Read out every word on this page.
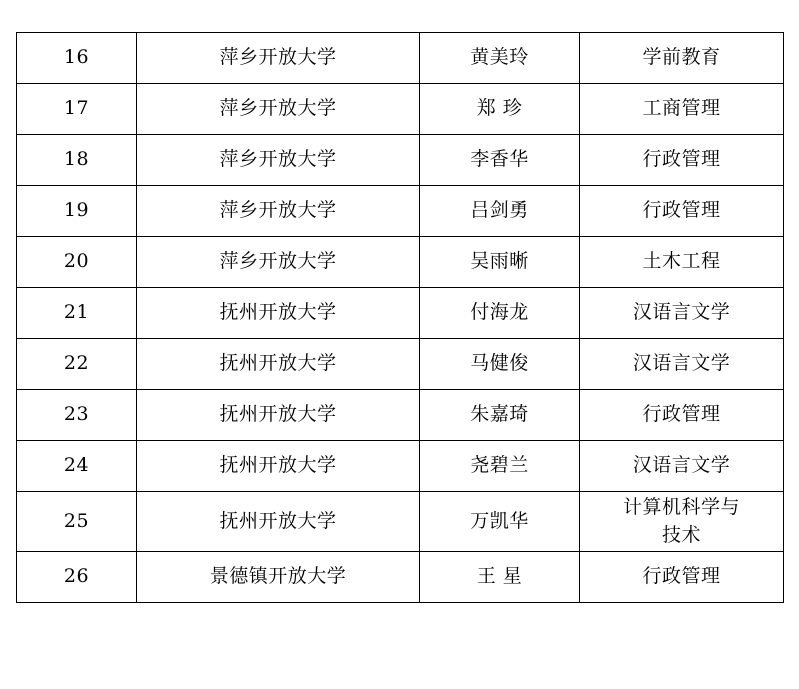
16	萍乡开放大学	黄美玲	学前教育

17	萍乡开放大学	郑 珍	工商管理

18	萍乡开放大学	李香华	行政管理

19	萍乡开放大学	吕剑勇	行政管理

20	萍乡开放大学	吴雨晰	土木工程

21	抚州开放大学	付海龙	汉语言文学

22	抚州开放大学	马健俊	汉语言文学

23	抚州开放大学	朱嘉琦	行政管理

24	抚州开放大学	尧碧兰	汉语言文学

25	抚州开放大学	万凯华	计算机科学与
技术

26	景德镇开放大学	王 星	行政管理
